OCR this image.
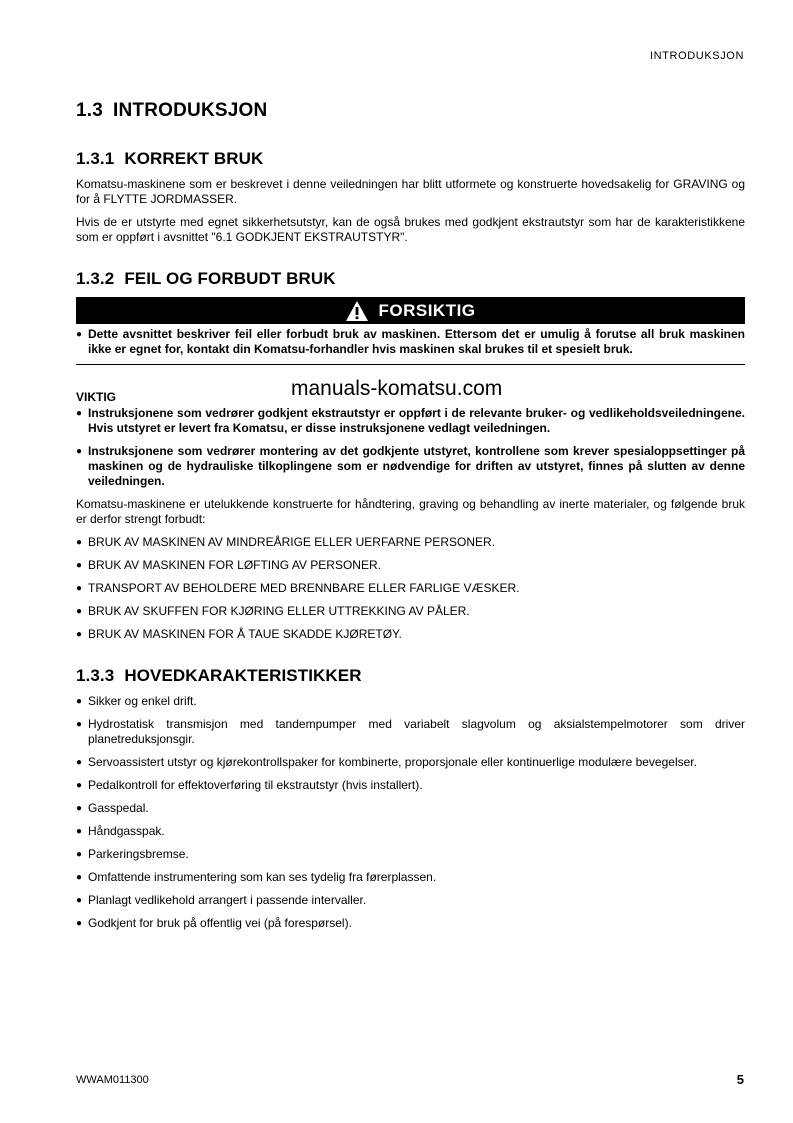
INTRODUKSJON
1.3 INTRODUKSJON
1.3.1 KORREKT BRUK

Komatsu-maskinene som er beskrevet i denne veiledningen har blitt utformete og konstruerte hovedsakelig for GRAVING og for å FLYTTE JORDMASSER.

Hvis de er utstyrte med egnet sikkerhetsutstyr, kan de også brukes med godkjent ekstrautstyr som har de karakteristikkene som er oppført i avsnittet "6.1 GODKJENT EKSTRAUTSTYR".

1.3.2 FEIL OG FORBUDT BRUK
FORSIKTIG
● Dette avsnittet beskriver feil eller forbudt bruk av maskinen. Ettersom det er umulig å forutse all bruk maskinen ikke er egnet for, kontakt din Komatsu-forhandler hvis maskinen skal brukes til et spesielt bruk.
VIKTIG	manuals-komatsu.com
● Instruksjonene som vedrører godkjent ekstrautstyr er oppført i de relevante bruker- og vedlikeholdsveiledningene. Hvis utstyret er levert fra Komatsu, er disse instruksjonene vedlagt veiledningen.
● Instruksjonene som vedrører montering av det godkjente utstyret, kontrollene som krever spesialoppsettinger på maskinen og de hydrauliske tilkoplingene som er nødvendige for driften av utstyret, finnes på slutten av denne veiledningen.

Komatsu-maskinene er utelukkende konstruerte for håndtering, graving og behandling av inerte materialer, og følgende bruk er derfor strengt forbudt:

● BRUK AV MASKINEN AV MINDREÅRIGE ELLER UERFARNE PERSONER.
● BRUK AV MASKINEN FOR LØFTING AV PERSONER.
● TRANSPORT AV BEHOLDERE MED BRENNBARE ELLER FARLIGE VÆSKER.
● BRUK AV SKUFFEN FOR KJØRING ELLER UTTREKKING AV PÅLER.
● BRUK AV MASKINEN FOR Å TAUE SKADDE KJØRETØY.
1.3.3 HOVEDKARAKTERISTIKKER
● Sikker og enkel drift.
● Hydrostatisk transmisjon med tandempumper med variabelt slagvolum og aksialstempelmotorer som driver planetreduksjonsgir.
● Servoassistert utstyr og kjørekontrollspaker for kombinerte, proporsjonale eller kontinuerlige modulære bevegelser.
● Pedalkontroll for effektoverføring til ekstrautstyr (hvis installert).
● Gasspedal.
● Håndgasspak.
● Parkeringsbremse.
● Omfattende instrumentering som kan ses tydelig fra førerplassen.
● Planlagt vedlikehold arrangert i passende intervaller.
● Godkjent for bruk på offentlig vei (på forespørsel).
WWAM011300	5
